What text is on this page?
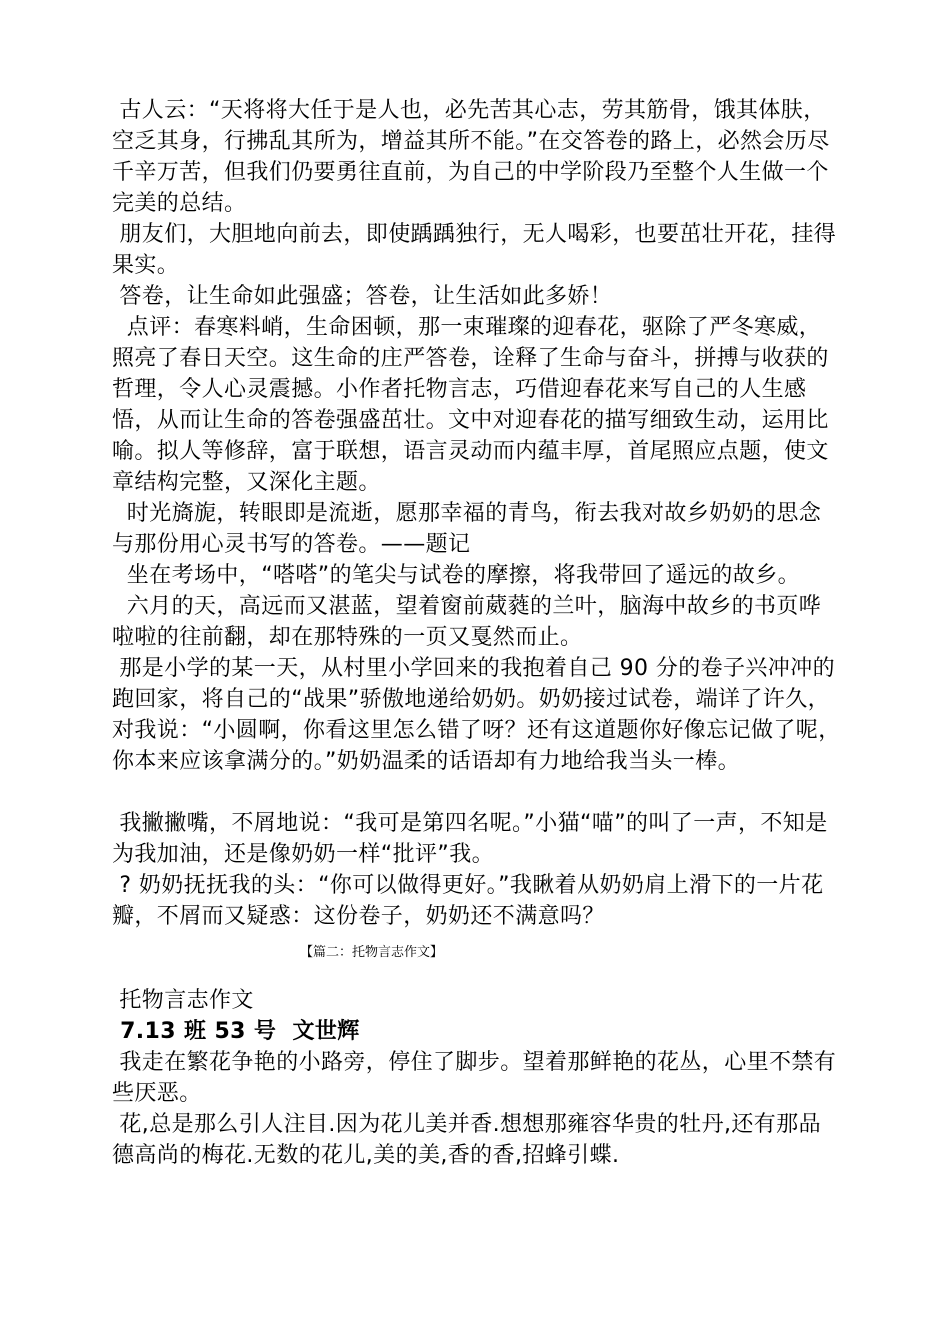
古人云：“天将将大任于是人也，必先苦其心志，劳其筋骨，饿其体肤，空乏其身，行拂乱其所为，增益其所不能。”在交答卷的路上，必然会历尽千辛万苦，但我们仍要勇往直前，为自己的中学阶段乃至整个人生做一个完美的总结。

朋友们，大胆地向前去，即使踽踽独行，无人喝彩，也要茁壮开花，挂得果实。

答卷，让生命如此强盛；答卷，让生活如此多娇！

点评：春寒料峭，生命困顿，那一束璀璨的迎春花，驱除了严冬寒威，照亮了春日天空。这生命的庄严答卷，诠释了生命与奋斗，拼搏与收获的哲理，令人心灵震撼。小作者托物言志，巧借迎春花来写自己的人生感悟，从而让生命的答卷强盛茁壮。文中对迎春花的描写细致生动，运用比喻。拟人等修辞，富于联想，语言灵动而内蕴丰厚，首尾照应点题，使文章结构完整，又深化主题。

时光旖旎，转眼即是流逝，愿那幸福的青鸟，衔去我对故乡奶奶的思念与那份用心灵书写的答卷。——题记

坐在考场中，“嗒嗒”的笔尖与试卷的摩擦，将我带回了遥远的故乡。

六月的天，高远而又湛蓝，望着窗前葳蕤的兰叶，脑海中故乡的书页哗啦啦的往前翻，却在那特殊的一页又戛然而止。

那是小学的某一天，从村里小学回来的我抱着自己 90 分的卷子兴冲冲的跑回家，将自己的“战果”骄傲地递给奶奶。奶奶接过试卷，端详了许久，对我说：“小圆啊，你看这里怎么错了呀？还有这道题你好像忘记做了呢，你本来应该拿满分的。”奶奶温柔的话语却有力地给我当头一棒。

我撇撇嘴，不屑地说：“我可是第四名呢。”小猫“喵”的叫了一声，不知是为我加油，还是像奶奶一样“批评”我。

? 奶奶抚抚我的头：“你可以做得更好。”我瞅着从奶奶肩上滑下的一片花瓣，不屑而又疑惑：这份卷子，奶奶还不满意吗？

【篇二：托物言志作文】

托物言志作文

7.13 班 53 号  文世辉

我走在繁花争艳的小路旁，停住了脚步。望着那鲜艳的花丛，心里不禁有些厌恶。

花,总是那么引人注目.因为花儿美并香.想想那雍容华贵的牡丹,还有那品德高尚的梅花.无数的花儿,美的美,香的香,招蜂引蝶.
